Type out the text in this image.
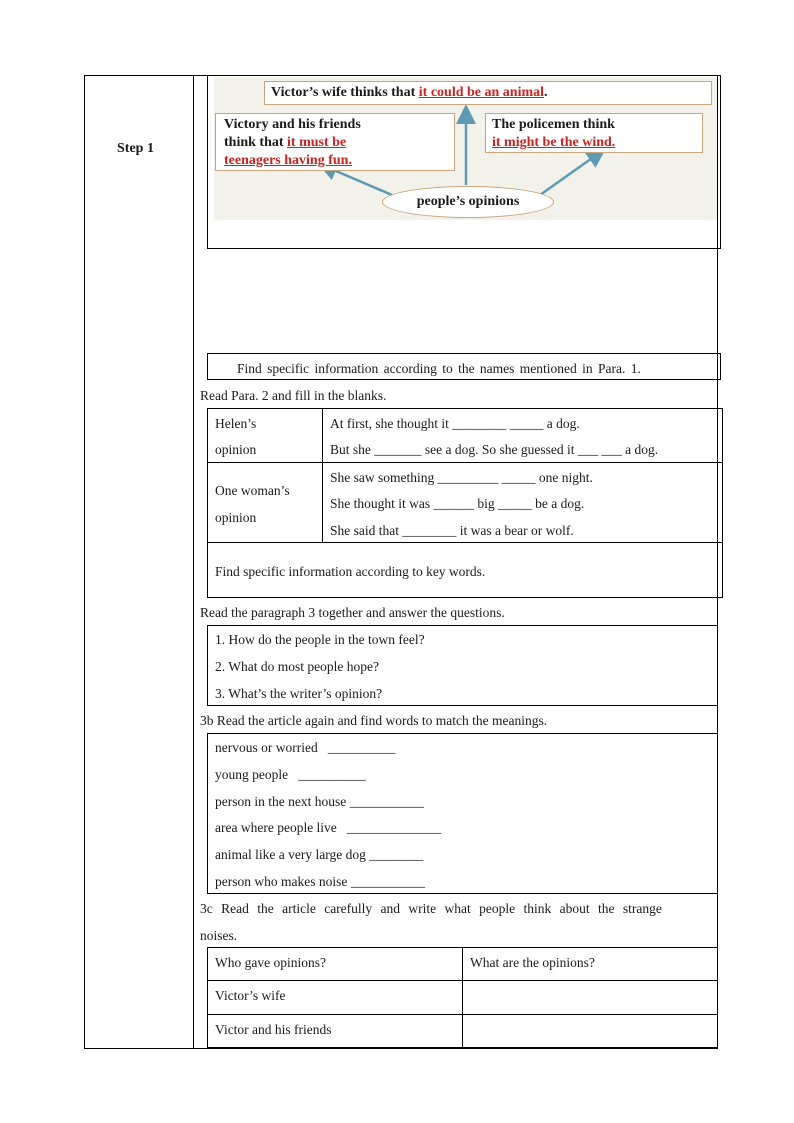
Step 1
Victor’s wife thinks that it could be an animal.
Victory and his friends
think that it must be
teenagers having fun.
The policemen think
it might be the wind.
people’s opinions
Find specific information according to the names mentioned in Para. 1.
Read Para. 2 and fill in the blanks.
Helen’s
opinion
At first, she thought it ________ _____ a dog.
But she _______ see a dog. So she guessed it ___ ___ a dog.
One woman’s
opinion
She saw something _________ _____ one night.
She thought it was ______ big _____ be a dog.
She said that ________ it was a bear or wolf.
Find specific information according to key words.
Read the paragraph 3 together and answer the questions.
1. How do the people in the town feel?
2. What do most people hope?
3. What’s the writer’s opinion?
3b Read the article again and find words to match the meanings.
nervous or worried   __________
young people   __________
person in the next house ___________
area where people live   ______________
animal like a very large dog ________
person who makes noise ___________
3c Read the article carefully and write what people think about the strange
noises.
Who gave opinions?	What are the opinions?
Victor’s wife
Victor and his friends
